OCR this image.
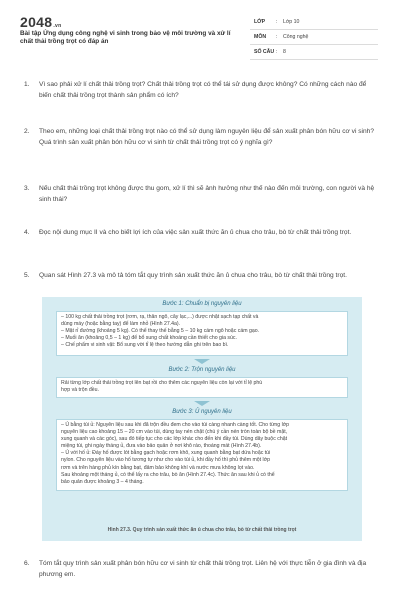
2048.vn
Bài tập Ứng dụng công nghệ vi sinh trong bảo vệ môi trường và xử lí chất thải trồng trọt có đáp án
LỚP : Lớp 10
MÔN : Công nghệ
SỐ CÂU : 8
1. Vì sao phải xử lí chất thải trồng trọt? Chất thải trồng trọt có thể tái sử dụng được không? Có những cách nào để biến chất thải trồng trọt thành sản phẩm có ích?
2. Theo em, những loại chất thải trồng trọt nào có thể sử dụng làm nguyên liệu để sản xuất phân bón hữu cơ vi sinh? Quá trình sản xuất phân bón hữu cơ vi sinh từ chất thải trồng trọt có ý nghĩa gì?
3. Nếu chất thải trồng trọt không được thu gom, xử lí thì sẽ ảnh hưởng như thế nào đến môi trường, con người và hệ sinh thái?
4. Đọc nội dung mục II và cho biết lợi ích của việc sản xuất thức ăn ủ chua cho trâu, bò từ chất thải trồng trọt.
5. Quan sát Hình 27.3 và mô tả tóm tắt quy trình sản xuất thức ăn ủ chua cho trâu, bò từ chất thải trồng trọt.
Bước 1: Chuẩn bị nguyên liệu
– 100 kg chất thải trồng trọt (rơm, rạ, thân ngô, cây lạc,...) được nhặt sạch tạp chất và
dùng máy (hoặc bằng tay) để làm nhỏ (Hình 27.4a).
– Mật rỉ đường (khoảng 5 kg). Có thể thay thế bằng 5 – 10 kg cám ngô hoặc cám gạo.
– Muối ăn (khoảng 0,5 – 1 kg) để bổ sung chất khoáng cần thiết cho gia súc.
– Chế phẩm vi sinh vật: Bổ sung vời tỉ lệ theo hướng dẫn ghi trên bao bì.
Bước 2: Trộn nguyên liệu
Rải từng lớp chất thải trồng trọt lên bạt rồi cho thêm các nguyên liệu còn lại với tỉ lệ phù
hợp và trộn đều.
Bước 3: Ủ nguyên liệu
– Ủ bằng túi ủ: Nguyên liệu sau khi đã trộn đều đem cho vào túi càng nhanh càng tốt. Cho từng lớp
nguyên liệu cao khoảng 15 – 20 cm vào túi, dùng tay nén chặt (chú ý cần nén tròn toàn bộ bề mặt,
xung quanh và các góc), sau đó tiếp tục cho các lớp khác cho đến khi đầy túi. Dùng dây buộc chặt
miệng túi, ghi ngày tháng ủ, đưa vào bảo quản ở nơi khô ráo, thoáng mát (Hình 27.4b).
– Ủ với hố ủ: Đáy hố được lót bằng gạch hoặc rơm khô, xung quanh bằng bạt dứa hoặc túi
nylon. Cho nguyên liệu vào hố tương tự như cho vào túi ủ, khi đầy hố thì phủ thêm một lớp
rơm và trên hàng phủ kín bằng bạt, đảm bảo không khí và nước mưa không lọt vào.
Sau khoảng một tháng ủ, có thể lấy ra cho trâu, bò ăn (Hình 27.4c). Thức ăn sau khi ủ có thể
bảo quản được khoảng 3 – 4 tháng.
Hình 27.3. Quy trình sản xuất thức ăn ủ chua cho trâu, bò từ chất thải trồng trọt
6. Tóm tắt quy trình sản xuất phân bón hữu cơ vi sinh từ chất thải trồng trọt. Liên hệ với thực tiễn ở gia đình và địa phương em.
